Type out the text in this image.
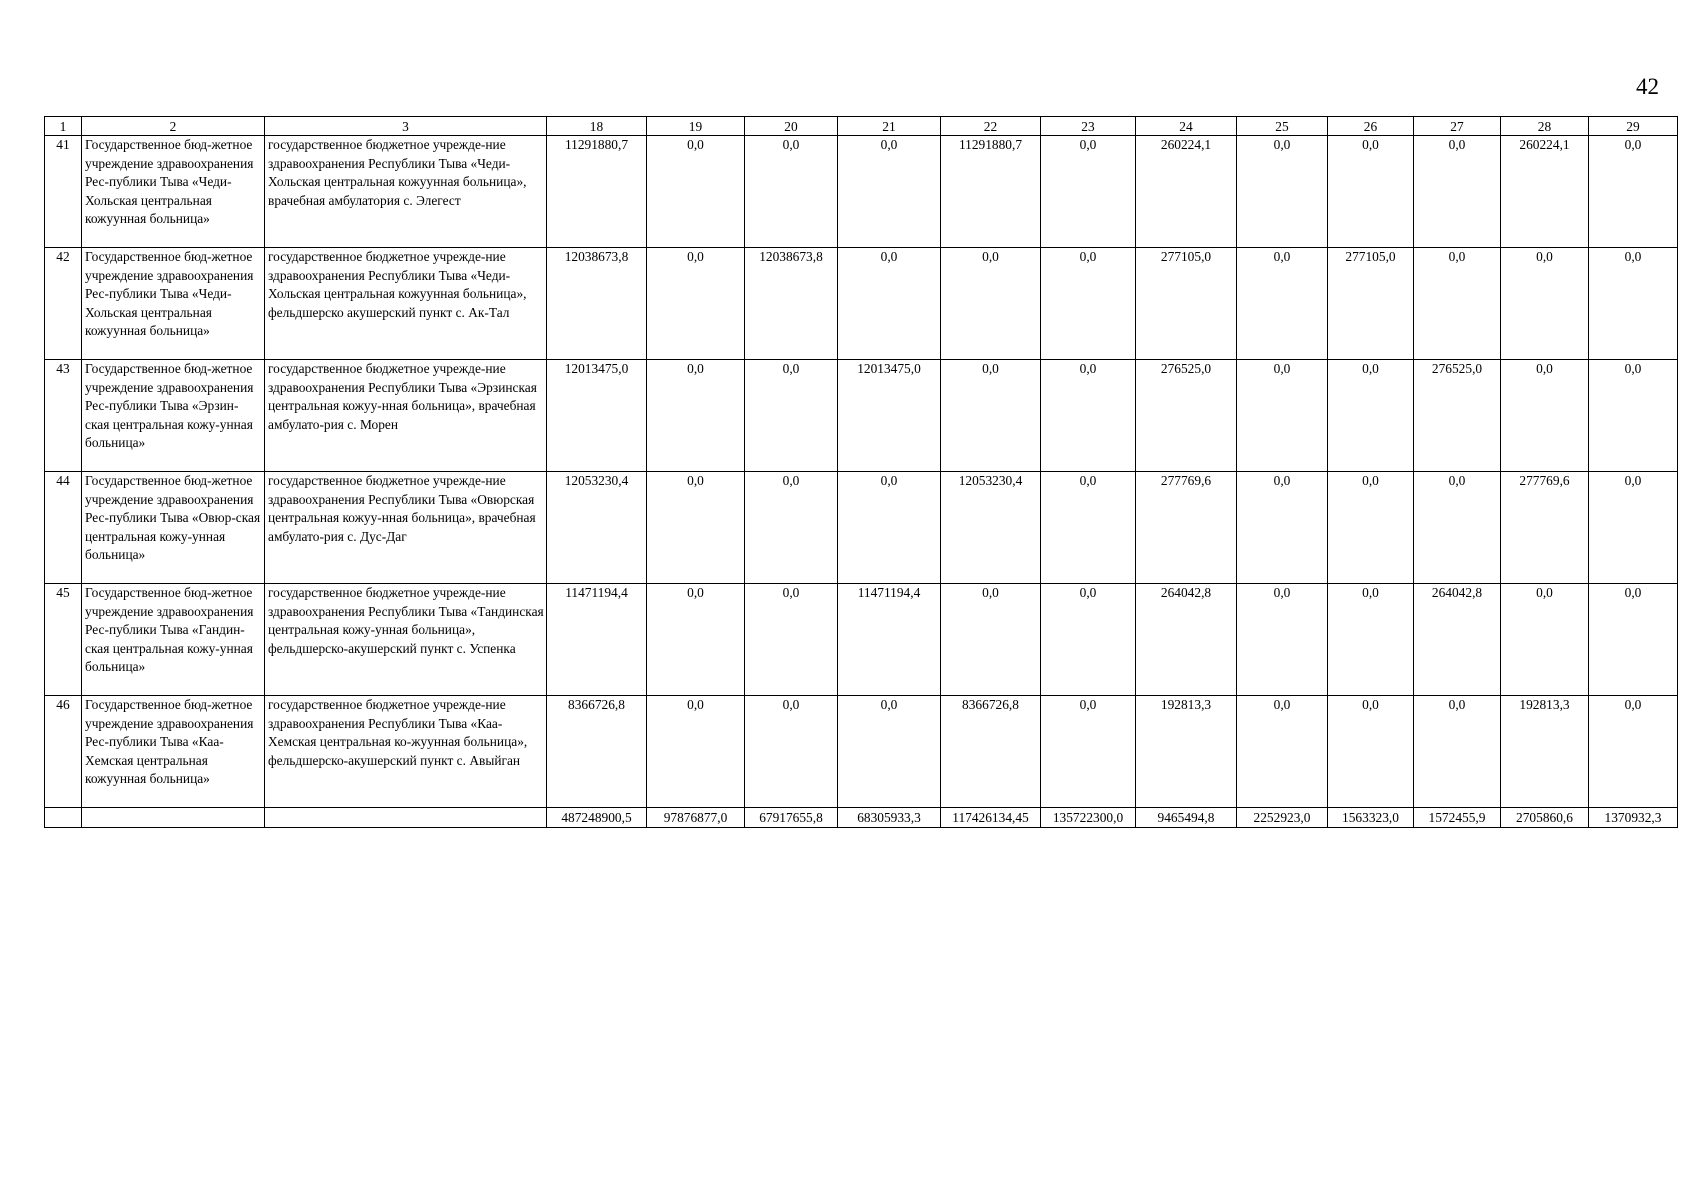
42
1	2	3	18	19	20	21	22	23	24	25	26	27	28	29
41	Государственное бюд-жетное учреждение здравоохранения Рес-публики Тыва «Чеди-Хольская центральная кожуунная больница»	государственное бюджетное учрежде-ние здравоохранения Республики Тыва «Чеди-Хольская центральная кожуунная больница», врачебная амбулатория с. Элегест	11291880,7	0,0	0,0	0,0	11291880,7	0,0	260224,1	0,0	0,0	0,0	260224,1	0,0
42	Государственное бюд-жетное учреждение здравоохранения Рес-публики Тыва «Чеди-Хольская центральная кожуунная больница»	государственное бюджетное учрежде-ние здравоохранения Республики Тыва «Чеди-Хольская центральная кожуунная больница», фельдшерско акушерский пункт с. Ак-Тал	12038673,8	0,0	12038673,8	0,0	0,0	0,0	277105,0	0,0	277105,0	0,0	0,0	0,0
43	Государственное бюд-жетное учреждение здравоохранения Рес-публики Тыва «Эрзин-ская центральная кожу-унная больница»	государственное бюджетное учрежде-ние здравоохранения Республики Тыва «Эрзинская центральная кожуу-нная больница», врачебная амбулато-рия с. Морен	12013475,0	0,0	0,0	12013475,0	0,0	0,0	276525,0	0,0	0,0	276525,0	0,0	0,0
44	Государственное бюд-жетное учреждение здравоохранения Рес-публики Тыва «Овюр-ская центральная кожу-унная больница»	государственное бюджетное учрежде-ние здравоохранения Республики Тыва «Овюрская центральная кожуу-нная больница», врачебная амбулато-рия с. Дус-Даг	12053230,4	0,0	0,0	0,0	12053230,4	0,0	277769,6	0,0	0,0	0,0	277769,6	0,0
45	Государственное бюд-жетное учреждение здравоохранения Рес-публики Тыва «Гандин-ская центральная кожу-унная больница»	государственное бюджетное учрежде-ние здравоохранения Республики Тыва «Тандинская центральная кожу-унная больница», фельдшерско-акушерский пункт с. Успенка	11471194,4	0,0	0,0	11471194,4	0,0	0,0	264042,8	0,0	0,0	264042,8	0,0	0,0
46	Государственное бюд-жетное учреждение здравоохранения Рес-публики Тыва «Каа-Хемская центральная кожуунная больница»	государственное бюджетное учрежде-ние здравоохранения Республики Тыва «Каа-Хемская центральная ко-жуунная больница», фельдшерско-акушерский пункт с. Авыйган	8366726,8	0,0	0,0	0,0	8366726,8	0,0	192813,3	0,0	0,0	0,0	192813,3	0,0
			487248900,5	97876877,0	67917655,8	68305933,3	117426134,45	135722300,0	9465494,8	2252923,0	1563323,0	1572455,9	2705860,6	1370932,3
